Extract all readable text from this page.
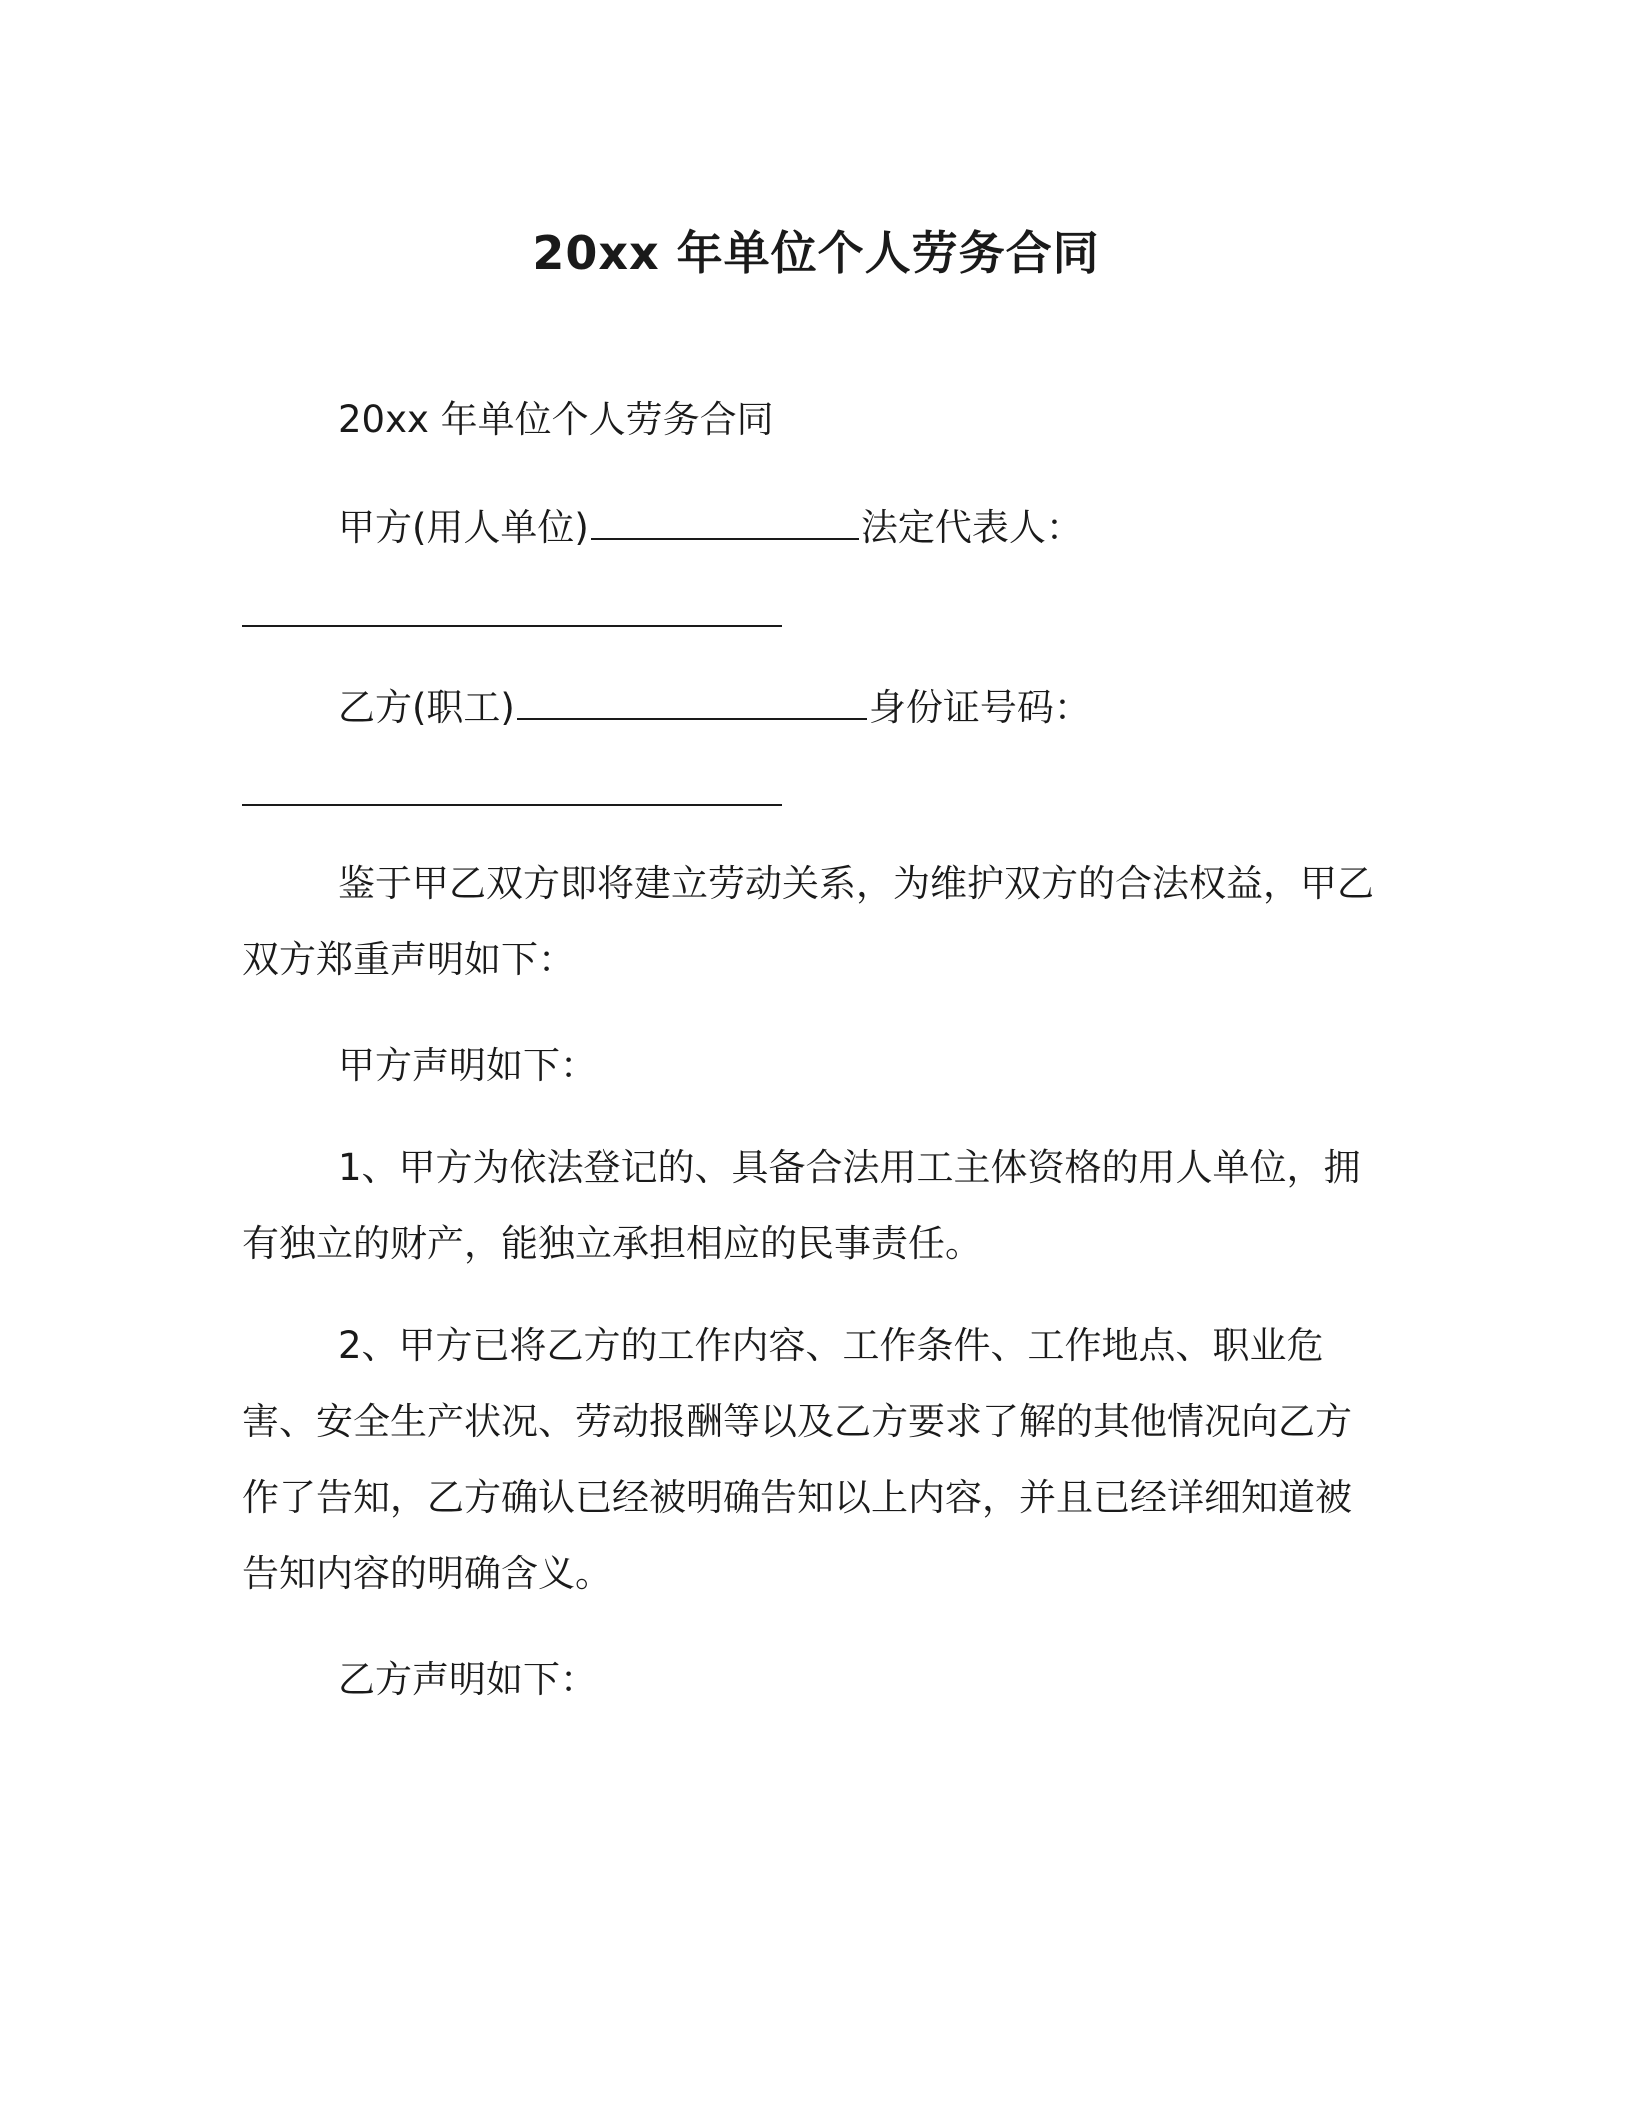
20xx 年单位个人劳务合同
20xx 年单位个人劳务合同
甲方(用人单位)	法定代表人：
乙方(职工)	身份证号码：
鉴于甲乙双方即将建立劳动关系，为维护双方的合法权益，甲乙双方郑重声明如下：
甲方声明如下：
1、甲方为依法登记的、具备合法用工主体资格的用人单位，拥有独立的财产，能独立承担相应的民事责任。
2、甲方已将乙方的工作内容、工作条件、工作地点、职业危害、安全生产状况、劳动报酬等以及乙方要求了解的其他情况向乙方作了告知，乙方确认已经被明确告知以上内容，并且已经详细知道被告知内容的明确含义。
乙方声明如下：
